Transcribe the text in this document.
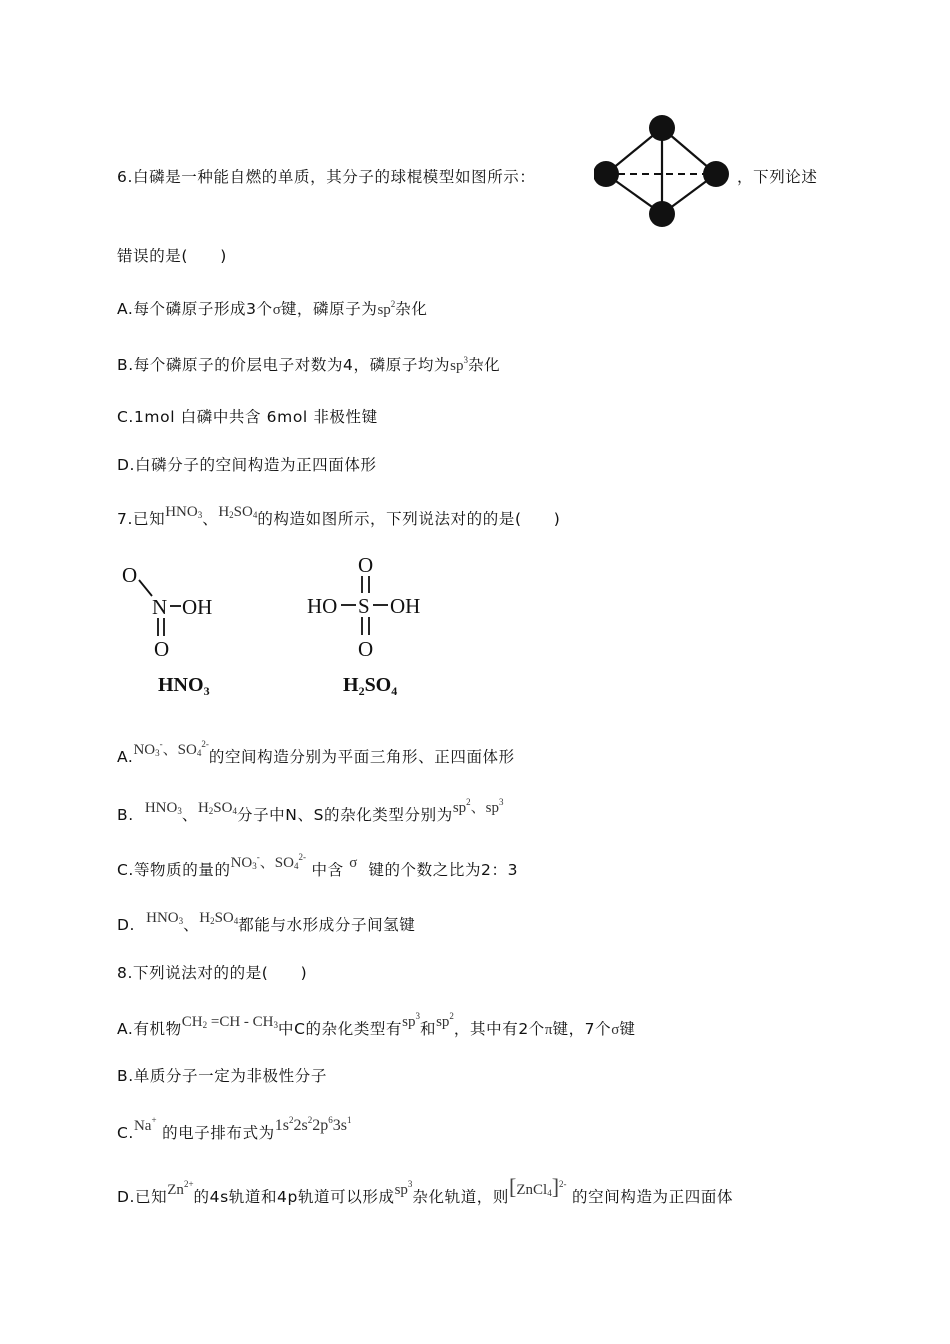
6.白磷是一种能自燃的单质，其分子的球棍模型如图所示：	，下列论述
错误的是(　　)
A.每个磷原子形成3个σ键，磷原子为$sp^2$杂化
B.每个磷原子的价层电子对数为4，磷原子均为$sp^3$杂化
C.1mol 白磷中共含 6mol 非极性键
D.白磷分子的空间构造为正四面体形
7.已知$HNO_3$、$H_2SO_4$的构造如图所示，下列说法对的的是(　　)
O
N OH
O
$HNO_3$
O
HO S OH
O
$H_2SO_4$
$A.NO_3^-$、$SO_4^{2-}$的空间构造分别为平面三角形、正四面体形
B. $HNO_3$、$H_2SO_4$分子中N、S的杂化类型分别为$sp^2$、$sp^3$
C.等物质的量的$NO_3^-$、$SO_4^{2-}$ 中含 σ 键的个数之比为2：3
D. $HNO_3$、$H_2SO_4$都能与水形成分子间氢键
8.下列说法对的的是(　　)
A.有机物$CH_2 =CH - CH_3$中C的杂化类型有$sp^3$和$sp^2$，其中有2个π键，7个σ键
B.单质分子一定为非极性分子
C.Na+ 的电子排布式为$1s^22s^22p^63s^1$
D.已知$Zn^{2+}$的4s轨道和4p轨道可以形成$sp^3$杂化轨道，则[ZnCl$_4$]$^{2-}$ 的空间构造为正四面体
